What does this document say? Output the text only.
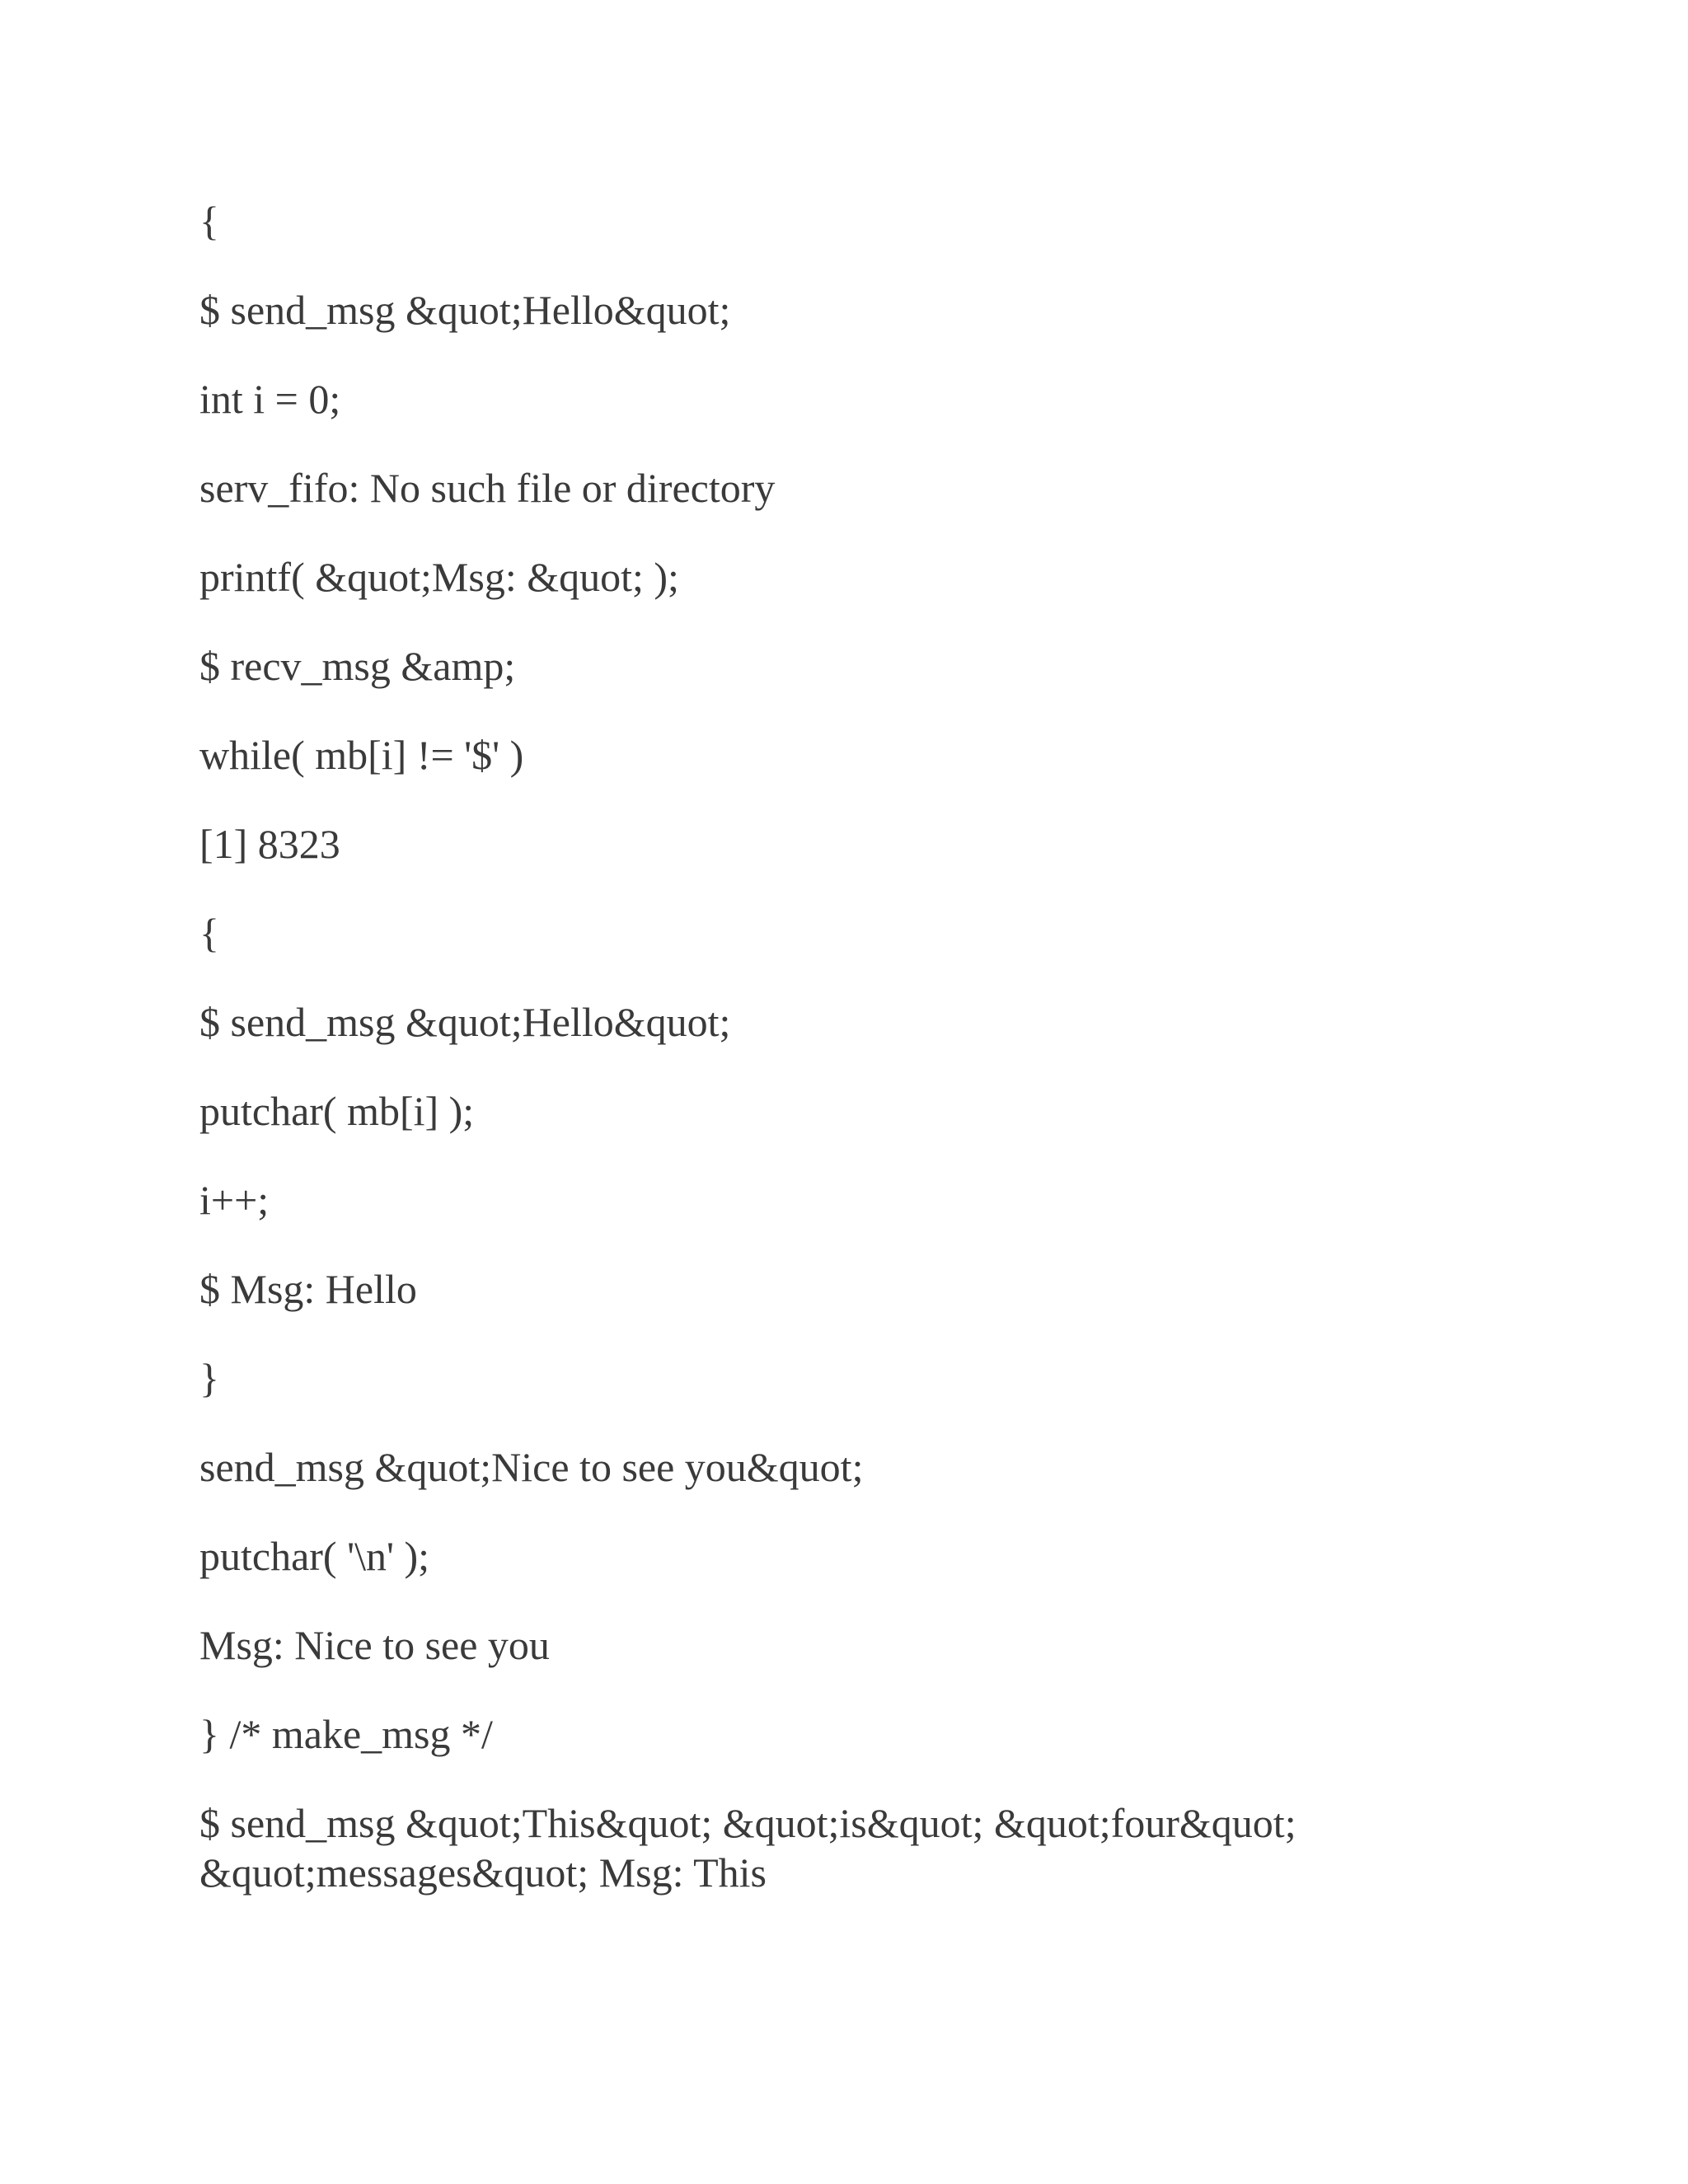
{

$ send_msg &quot;Hello&quot;

int i = 0;

serv_fifo: No such file or directory

printf( &quot;Msg: &quot; );

$ recv_msg &amp;

while( mb[i] != '$' )

[1] 8323

{

$ send_msg &quot;Hello&quot;

putchar( mb[i] );

i++;

$ Msg: Hello

}

send_msg &quot;Nice to see you&quot;

putchar( '\n' );

Msg: Nice to see you

} /* make_msg */

$ send_msg &quot;This&quot; &quot;is&quot; &quot;four&quot;
&quot;messages&quot; Msg: This
